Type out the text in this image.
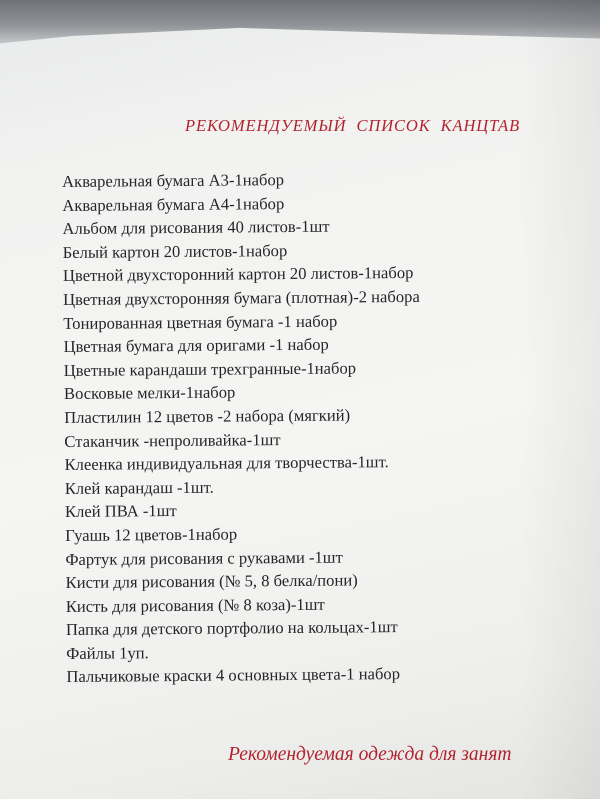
РЕКОМЕНДУЕМЫЙ  СПИСОК  КАНЦТАВ
Акварельная бумага А3-1набор
Акварельная бумага А4-1набор
Альбом для рисования 40 листов-1шт
Белый картон 20 листов-1набор
Цветной двухсторонний картон 20 листов-1набор
Цветная двухсторонняя бумага (плотная)-2 набора
Тонированная цветная бумага -1 набор
Цветная бумага для оригами -1 набор
Цветные карандаши трехгранные-1набор
Восковые мелки-1набор
Пластилин 12 цветов -2 набора (мягкий)
Стаканчик -непроливайка-1шт
Клеенка индивидуальная для творчества-1шт.
Клей карандаш -1шт.
Клей ПВА -1шт
Гуашь 12 цветов-1набор
Фартук для рисования с рукавами -1шт
Кисти для рисования (№ 5, 8 белка/пони)
Кисть для рисования (№ 8 коза)-1шт
Папка для детского портфолио на кольцах-1шт
Файлы 1уп.
Пальчиковые краски 4 основных цвета-1 набор
Рекомендуемая одежда для занят
